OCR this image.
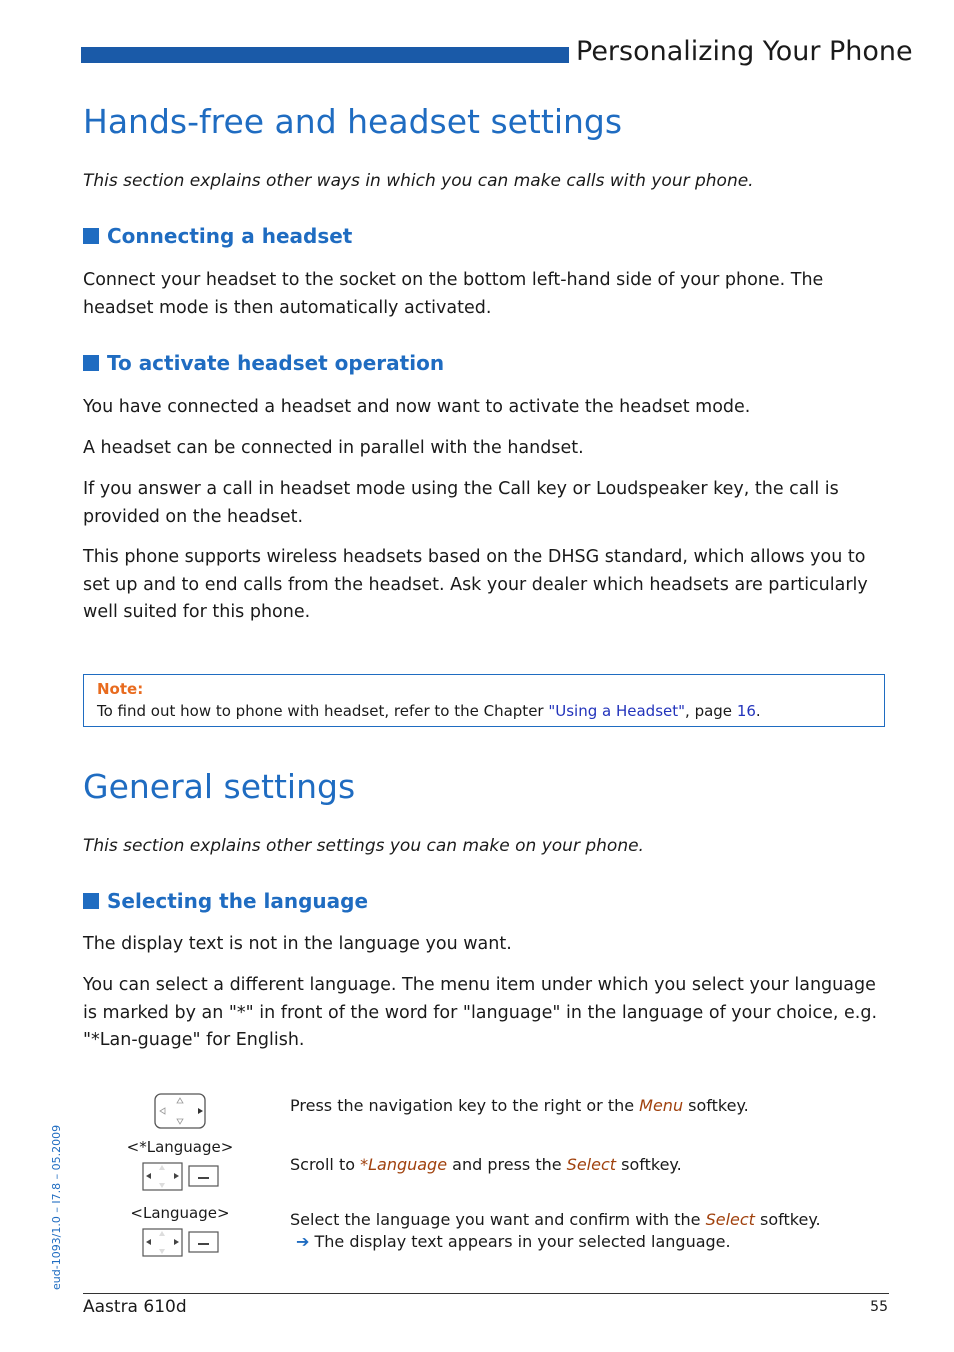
Personalizing Your Phone
Hands-free and headset settings
This section explains other ways in which you can make calls with your phone.
Connecting a headset

Connect your headset to the socket on the bottom left-hand side of your phone. The headset mode is then automatically activated.

To activate headset operation

You have connected a headset and now want to activate the headset mode.

A headset can be connected in parallel with the handset.

If you answer a call in headset mode using the Call key or Loudspeaker key, the call is provided on the headset.

This phone supports wireless headsets based on the DHSG standard, which allows you to set up and to end calls from the headset. Ask your dealer which headsets are particularly well suited for this phone.

Note:
To find out how to phone with headset, refer to the Chapter "Using a Headset", page 16.
General settings
This section explains other settings you can make on your phone.
Selecting the language

The display text is not in the language you want.

You can select a different language. The menu item under which you select your language is marked by an "*" in front of the word for "language" in the language of your choice, e.g. "*Lan-guage" for English.

eud-1093/1.0 – I7.8 – 05.2009
Press the navigation key to the right or the Menu softkey.
<*Language>
Scroll to *Language and press the Select softkey.
<Language>	Select the language you want and confirm with the Select softkey.
➔ The display text appears in your selected language.
Aastra 610d	55
